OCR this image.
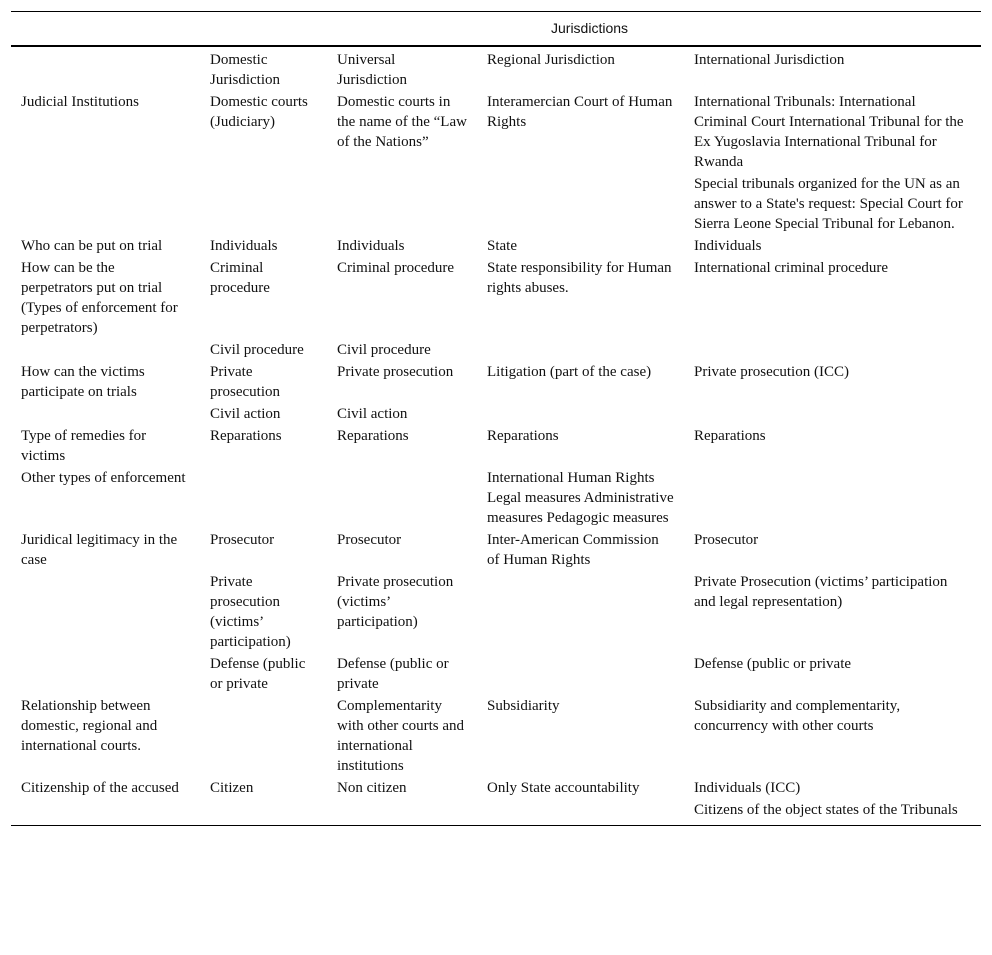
Jurisdictions				
	Domestic Jurisdiction	Universal Jurisdiction	Regional Jurisdiction	International Jurisdiction
Judicial Institutions	Domestic courts (Judiciary)	Domestic courts in the name of the “Law of the Nations”	Interamercian Court of Human Rights	International Tribunals: International Criminal Court International Tribunal for the Ex Yugoslavia International Tribunal for Rwanda
				Special tribunals organized for the UN as an answer to a State's request: Special Court for Sierra Leone Special Tribunal for Lebanon.
Who can be put on trial	Individuals	Individuals	State	Individuals
How can be the perpetrators put on trial (Types of enforcement for perpetrators)	Criminal procedure	Criminal procedure	State responsibility for Human rights abuses.	International criminal procedure
	Civil procedure	Civil procedure		
How can the victims participate on trials	Private prosecution	Private prosecution	Litigation (part of the case)	Private prosecution (ICC)
	Civil action	Civil action		
Type of remedies for victims	Reparations	Reparations	Reparations	Reparations
Other types of enforcement			International Human Rights Legal measures Administrative measures Pedagogic measures	
Juridical legitimacy in the case	Prosecutor	Prosecutor	Inter-American Commission of Human Rights	Prosecutor
	Private prosecution (victims’ participation)	Private prosecution (victims’ participation)		Private Prosecution (victims’ participation and legal representation)
	Defense (public or private	Defense (public or private		Defense (public or private
Relationship between domestic, regional and international courts.		Complementarity with other courts and international institutions	Subsidiarity	Subsidiarity and complementarity, concurrency with other courts
Citizenship of the accused	Citizen	Non citizen	Only State accountability	Individuals (ICC)
				Citizens of the object states of the Tribunals
